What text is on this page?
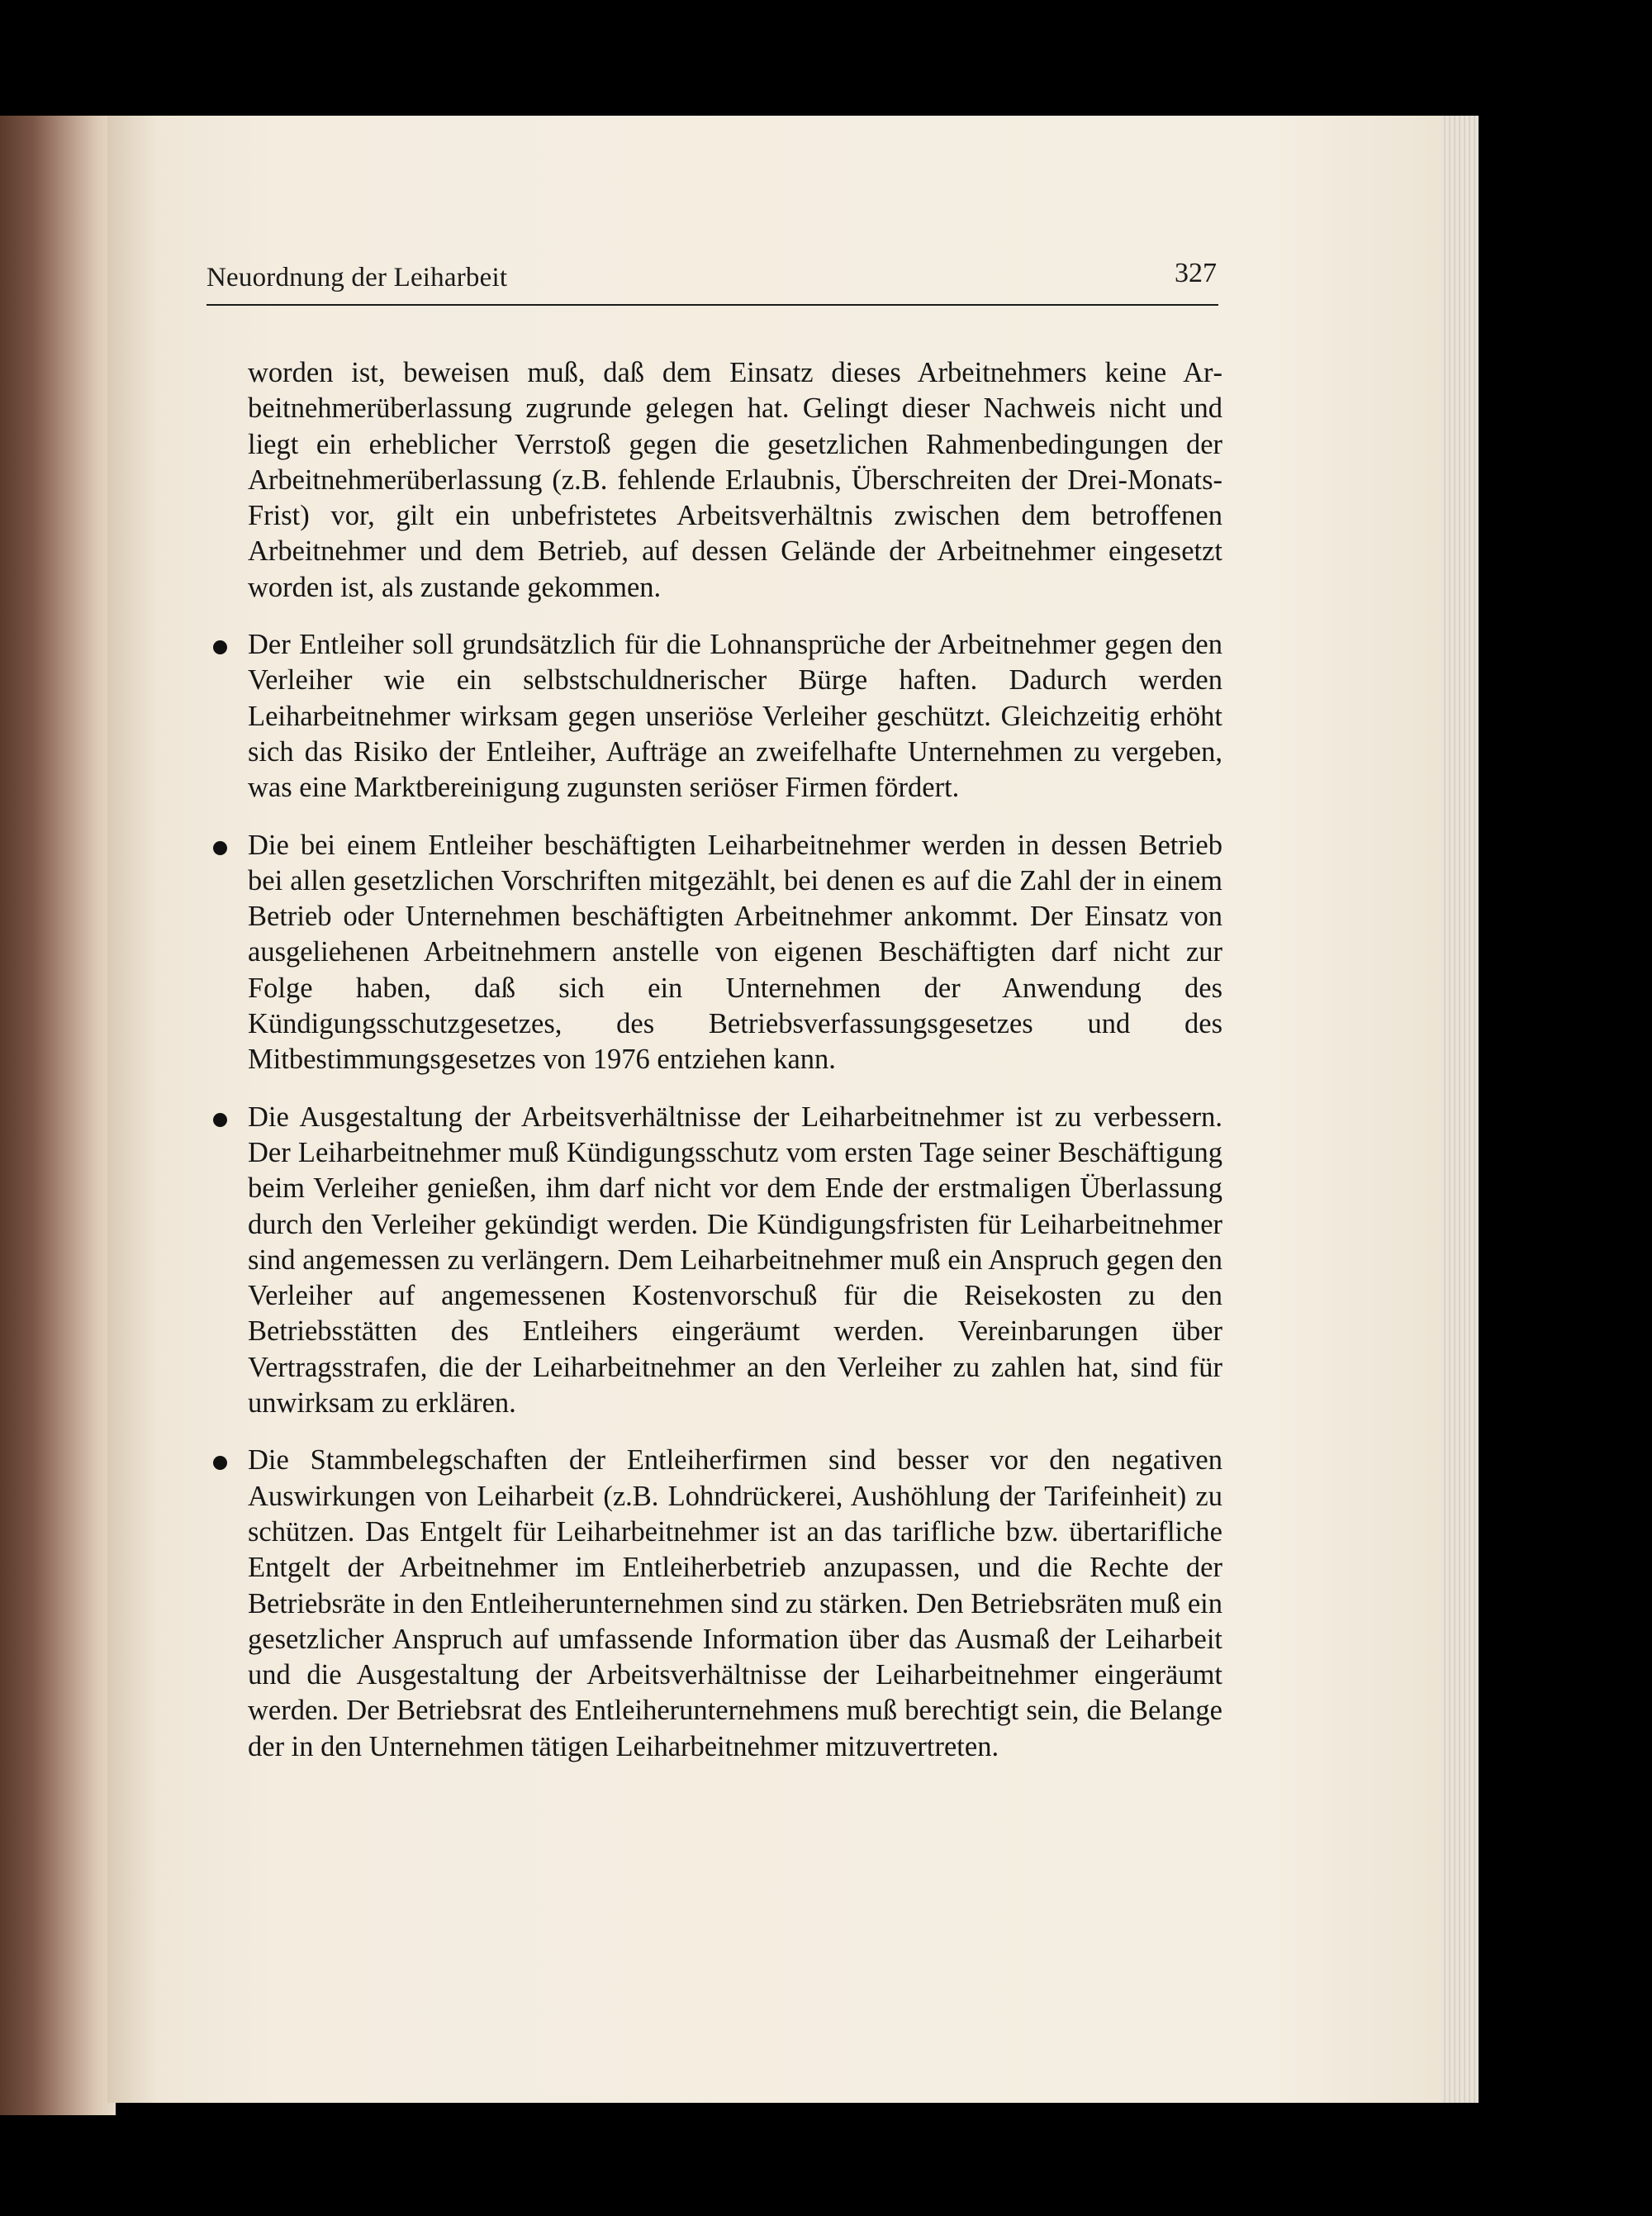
Neuordnung der Leiharbeit	327

worden ist, beweisen muß, daß dem Einsatz dieses Arbeitnehmers keine Arbeitnehmerüberlassung zugrunde gelegen hat. Gelingt dieser Nachweis nicht und liegt ein erheblicher Verrstoß gegen die gesetzlichen Rahmenbedingungen der Arbeitnehmerüberlassung (z.B. fehlende Erlaubnis, Überschreiten der Drei-Monats-Frist) vor, gilt ein unbefristetes Arbeitsverhältnis zwischen dem betroffenen Arbeitnehmer und dem Betrieb, auf dessen Gelände der Arbeitnehmer eingesetzt worden ist, als zustande gekommen.

Der Entleiher soll grundsätzlich für die Lohnansprüche der Arbeitnehmer gegen den Verleiher wie ein selbstschuldnerischer Bürge haften. Dadurch werden Leiharbeitnehmer wirksam gegen unseriöse Verleiher geschützt. Gleichzeitig erhöht sich das Risiko der Entleiher, Aufträge an zweifelhafte Unternehmen zu vergeben, was eine Marktbereinigung zugunsten seriöser Firmen fördert.

Die bei einem Entleiher beschäftigten Leiharbeitnehmer werden in dessen Betrieb bei allen gesetzlichen Vorschriften mitgezählt, bei denen es auf die Zahl der in einem Betrieb oder Unternehmen beschäftigten Arbeitnehmer ankommt. Der Einsatz von ausgeliehenen Arbeitnehmern anstelle von eigenen Beschäftigten darf nicht zur Folge haben, daß sich ein Unternehmen der Anwendung des Kündigungsschutzgesetzes, des Betriebsverfassungsgesetzes und des Mitbestimmungsgesetzes von 1976 entziehen kann.

Die Ausgestaltung der Arbeitsverhältnisse der Leiharbeitnehmer ist zu verbessern. Der Leiharbeitnehmer muß Kündigungsschutz vom ersten Tage seiner Beschäftigung beim Verleiher genießen, ihm darf nicht vor dem Ende der erstmaligen Überlassung durch den Verleiher gekündigt werden. Die Kündigungsfristen für Leiharbeitnehmer sind angemessen zu verlängern. Dem Leiharbeitnehmer muß ein Anspruch gegen den Verleiher auf angemessenen Kostenvorschuß für die Reisekosten zu den Betriebsstätten des Entleihers eingeräumt werden. Vereinbarungen über Vertragsstrafen, die der Leiharbeitnehmer an den Verleiher zu zahlen hat, sind für unwirksam zu erklären.

Die Stammbelegschaften der Entleiherfirmen sind besser vor den negativen Auswirkungen von Leiharbeit (z.B. Lohndrückerei, Aushöhlung der Tarifeinheit) zu schützen. Das Entgelt für Leiharbeitnehmer ist an das tarifliche bzw. übertarifliche Entgelt der Arbeitnehmer im Entleiherbetrieb anzupassen, und die Rechte der Betriebsräte in den Entleiherunternehmen sind zu stärken. Den Betriebsräten muß ein gesetzlicher Anspruch auf umfassende Information über das Ausmaß der Leiharbeit und die Ausgestaltung der Arbeitsverhältnisse der Leiharbeitnehmer eingeräumt werden. Der Betriebsrat des Entleiherunternehmens muß berechtigt sein, die Belange der in den Unternehmen tätigen Leiharbeitnehmer mitzuvertreten.
